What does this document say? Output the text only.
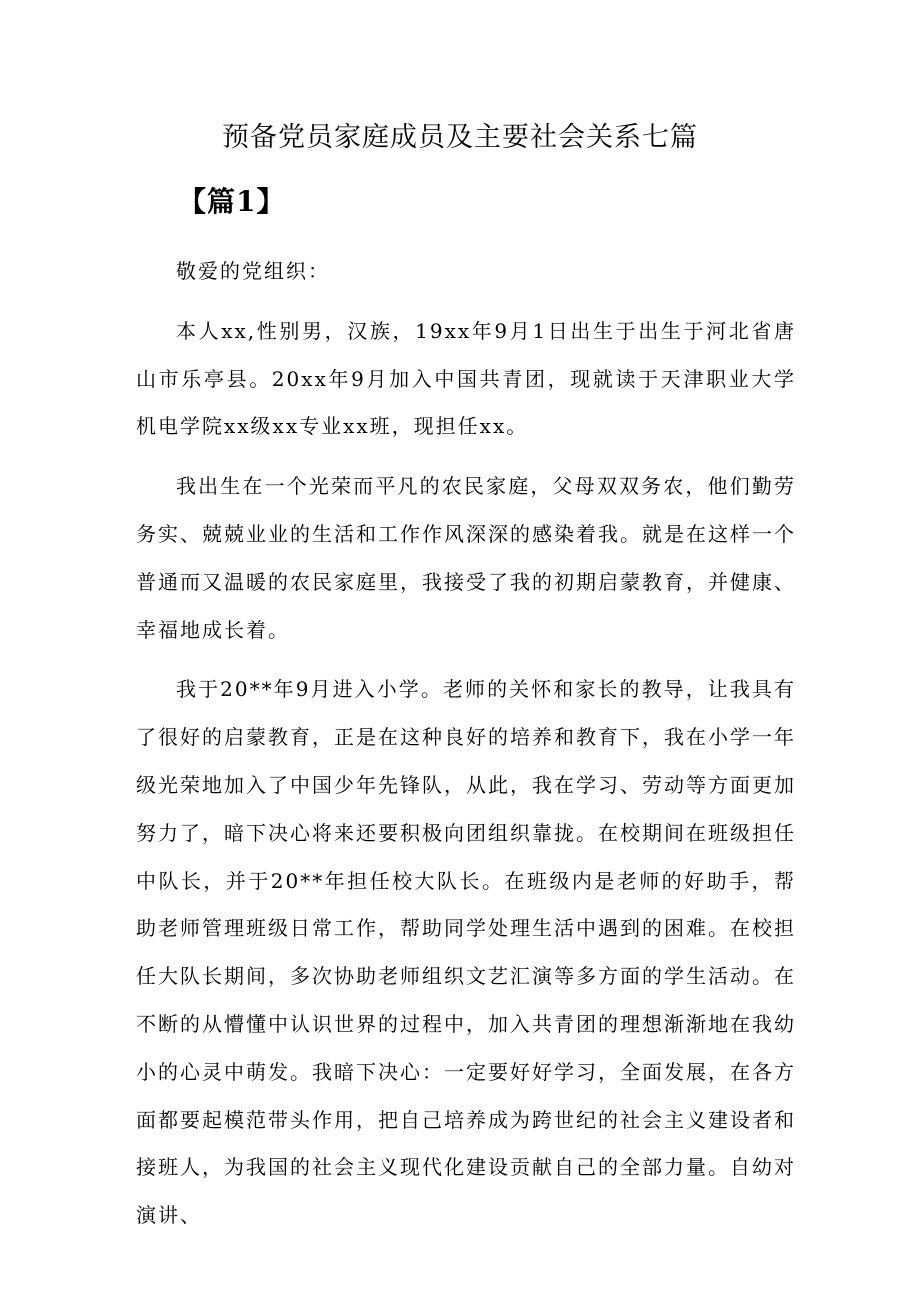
预备党员家庭成员及主要社会关系七篇
【篇1】

敬爱的党组织：

本人xx,性别男，汉族，19xx年9月1日出生于出生于河北省唐山市乐亭县。20xx年9月加入中国共青团，现就读于天津职业大学机电学院xx级xx专业xx班，现担任xx。

我出生在一个光荣而平凡的农民家庭，父母双双务农，他们勤劳务实、兢兢业业的生活和工作作风深深的感染着我。就是在这样一个普通而又温暖的农民家庭里，我接受了我的初期启蒙教育，并健康、幸福地成长着。

我于20**年9月进入小学。老师的关怀和家长的教导，让我具有了很好的启蒙教育，正是在这种良好的培养和教育下，我在小学一年级光荣地加入了中国少年先锋队，从此，我在学习、劳动等方面更加努力了，暗下决心将来还要积极向团组织靠拢。在校期间在班级担任中队长，并于20**年担任校大队长。在班级内是老师的好助手，帮助老师管理班级日常工作，帮助同学处理生活中遇到的困难。在校担任大队长期间，多次协助老师组织文艺汇演等多方面的学生活动。在不断的从懵懂中认识世界的过程中，加入共青团的理想渐渐地在我幼小的心灵中萌发。我暗下决心：一定要好好学习，全面发展，在各方面都要起模范带头作用，把自己培养成为跨世纪的社会主义建设者和接班人，为我国的社会主义现代化建设贡献自己的全部力量。自幼对演讲、
